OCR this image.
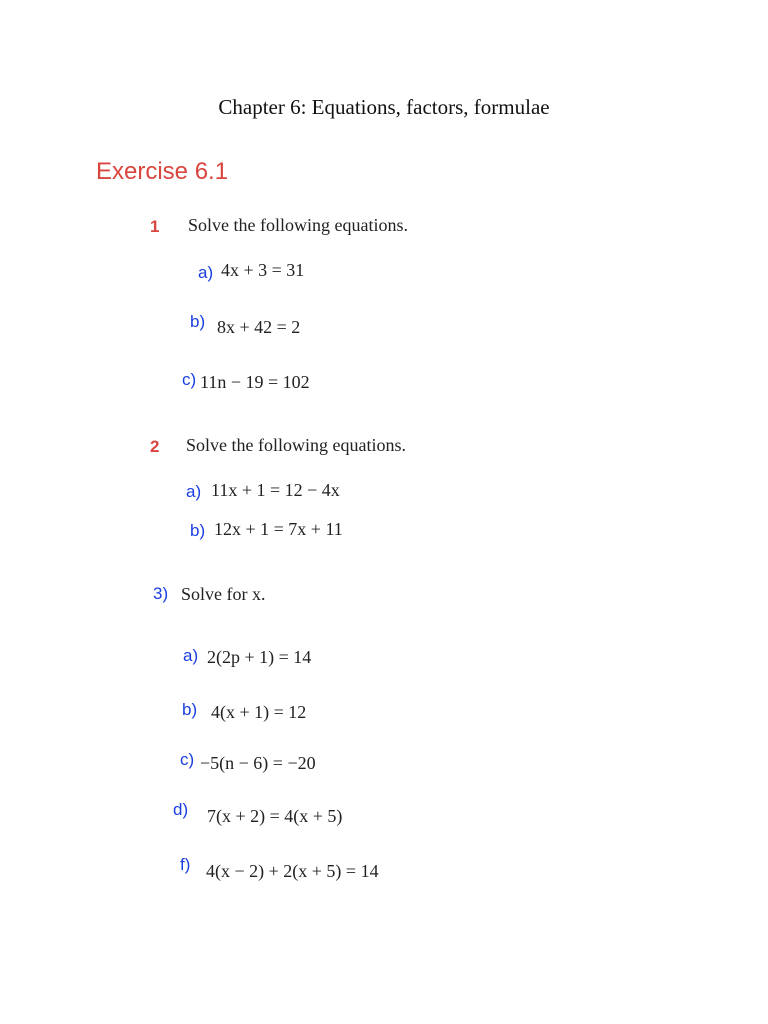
Chapter 6: Equations, factors, formulae
Exercise 6.1
1 Solve the following equations.
a) 4x + 3 = 31
b) 8x + 42 = 2
c) 11n − 19 = 102
2 Solve the following equations.
a) 11x + 1 = 12 − 4x
b) 12x + 1 = 7x + 11
3) Solve for x.
a) 2(2p + 1) = 14
b) 4(x + 1) = 12
c) −5(n − 6) = −20
d) 7(x + 2) = 4(x + 5)
f) 4(x − 2) + 2(x + 5) = 14
